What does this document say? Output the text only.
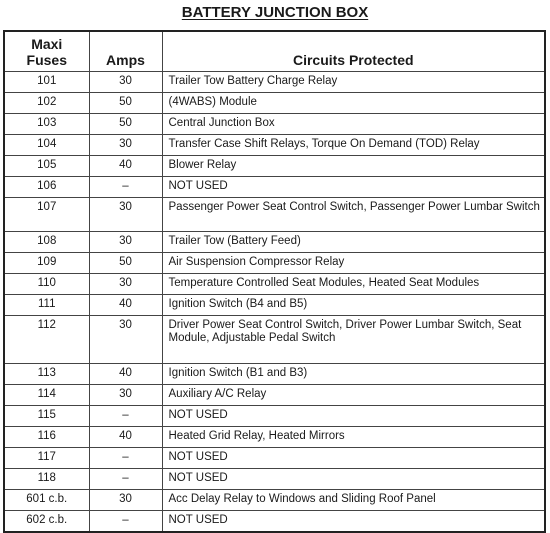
BATTERY JUNCTION BOX
Maxi
Fuses	Amps	Circuits Protected
101	30	Trailer Tow Battery Charge Relay
102	50	(4WABS) Module
103	50	Central Junction Box
104	30	Transfer Case Shift Relays, Torque On Demand (TOD) Relay
105	40	Blower Relay
106	–	NOT USED
107	30	Passenger Power Seat Control Switch, Passenger Power Lumbar Switch
108	30	Trailer Tow (Battery Feed)
109	50	Air Suspension Compressor Relay
110	30	Temperature Controlled Seat Modules, Heated Seat Modules
111	40	Ignition Switch (B4 and B5)
112	30	Driver Power Seat Control Switch, Driver Power Lumbar Switch, Seat Module, Adjustable Pedal Switch
113	40	Ignition Switch (B1 and B3)
114	30	Auxiliary A/C Relay
115	–	NOT USED
116	40	Heated Grid Relay, Heated Mirrors
117	–	NOT USED
118	–	NOT USED
601 c.b.	30	Acc Delay Relay to Windows and Sliding Roof Panel
602 c.b.	–	NOT USED
